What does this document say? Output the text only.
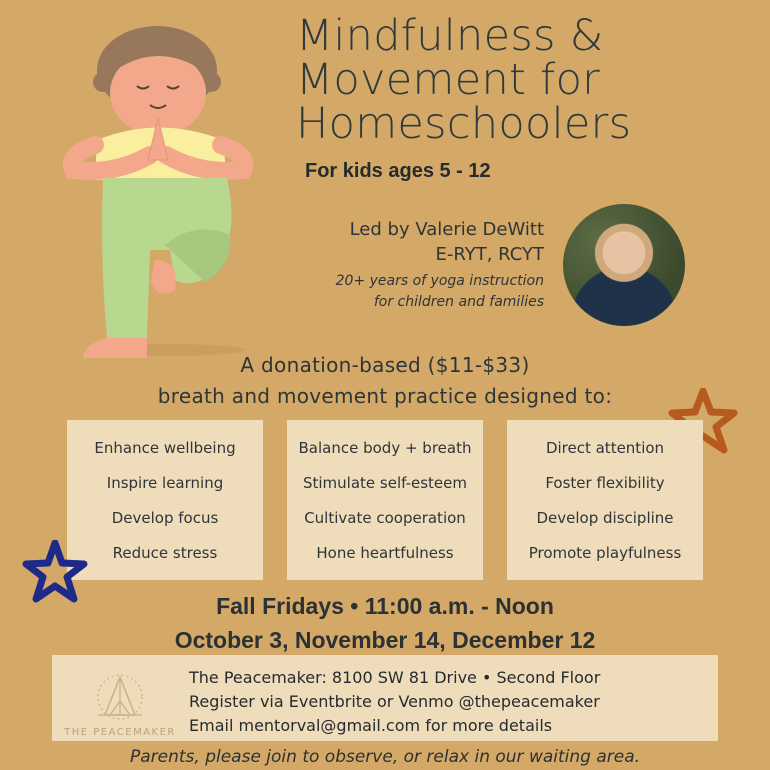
Mindfulness &
Movement for
Homeschoolers
For kids ages 5 - 12
Led by Valerie DeWitt
E-RYT, RCYT
20+ years of yoga instruction
for children and families
A donation-based ($11-$33)
breath and movement practice designed to:
Enhance wellbeing
Inspire learning
Develop focus
Reduce stress
Balance body + breath
Stimulate self-esteem
Cultivate cooperation
Hone heartfulness
Direct attention
Foster flexibility
Develop discipline
Promote playfulness
Fall Fridays • 11:00 a.m. - Noon
October 3, November 14, December 12
THE PEACEMAKER
The Peacemaker: 8100 SW 81 Drive • Second Floor
Register via Eventbrite or Venmo @thepeacemaker
Email mentorval@gmail.com for more details
Parents, please join to observe, or relax in our waiting area.
